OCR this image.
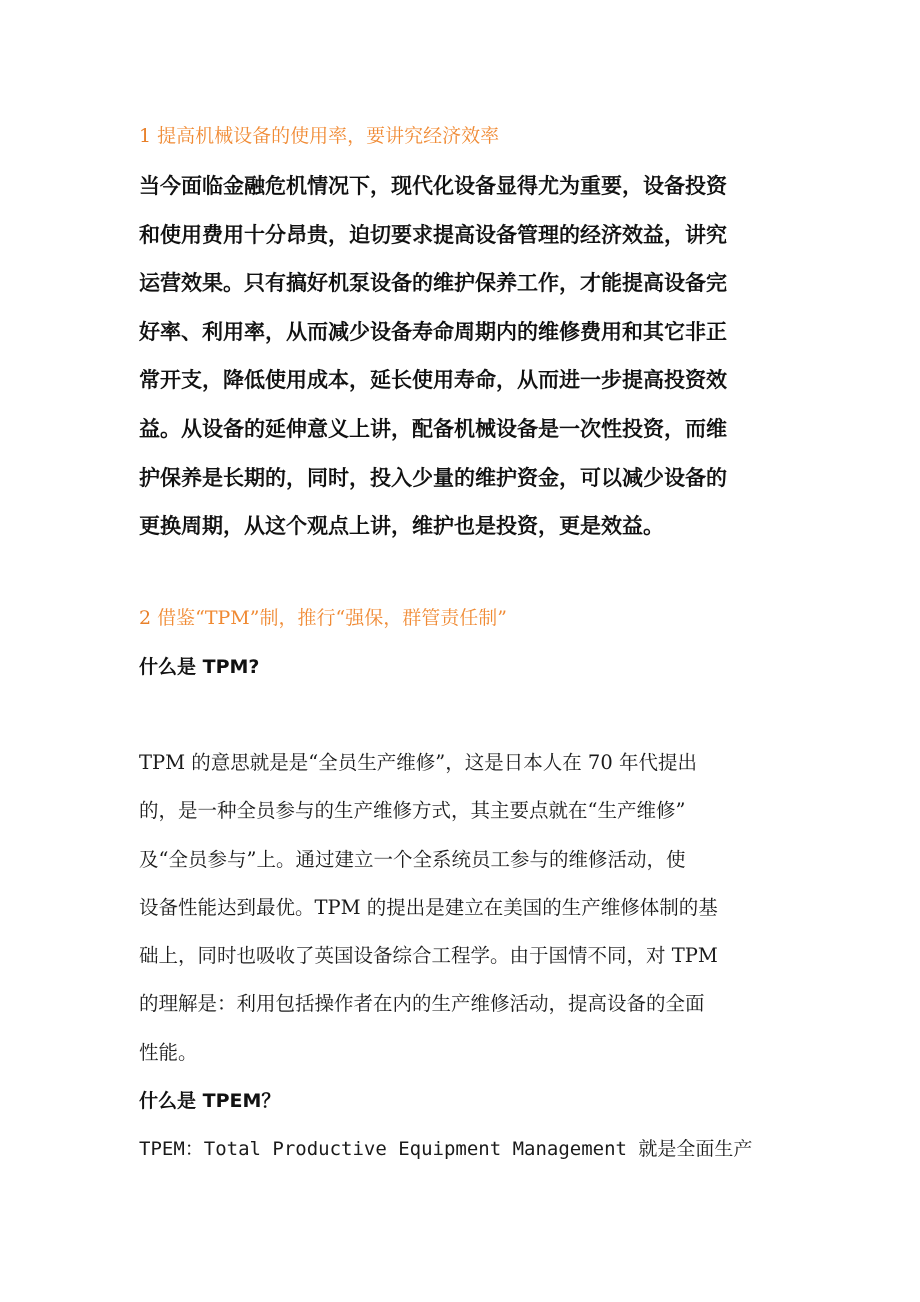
1 提高机械设备的使用率，要讲究经济效率
当今面临金融危机情况下，现代化设备显得尤为重要，设备投资
和使用费用十分昂贵，迫切要求提高设备管理的经济效益，讲究
运营效果。只有搞好机泵设备的维护保养工作，才能提高设备完
好率、利用率，从而减少设备寿命周期内的维修费用和其它非正
常开支，降低使用成本，延长使用寿命，从而进一步提高投资效
益。从设备的延伸意义上讲，配备机械设备是一次性投资，而维
护保养是长期的，同时，投入少量的维护资金，可以减少设备的
更换周期，从这个观点上讲，维护也是投资，更是效益。
2 借鉴“TPM”制，推行“强保，群管责任制”

什么是 TPM?

TPM 的意思就是是“全员生产维修”，这是日本人在 70 年代提出
的，是一种全员参与的生产维修方式，其主要点就在“生产维修”
及“全员参与”上。通过建立一个全系统员工参与的维修活动，使
设备性能达到最优。TPM 的提出是建立在美国的生产维修体制的基
础上，同时也吸收了英国设备综合工程学。由于国情不同，对 TPM
的理解是：利用包括操作者在内的生产维修活动，提高设备的全面
性能。

什么是 TPEM？

TPEM：Total Productive Equipment Management 就是全面生产
